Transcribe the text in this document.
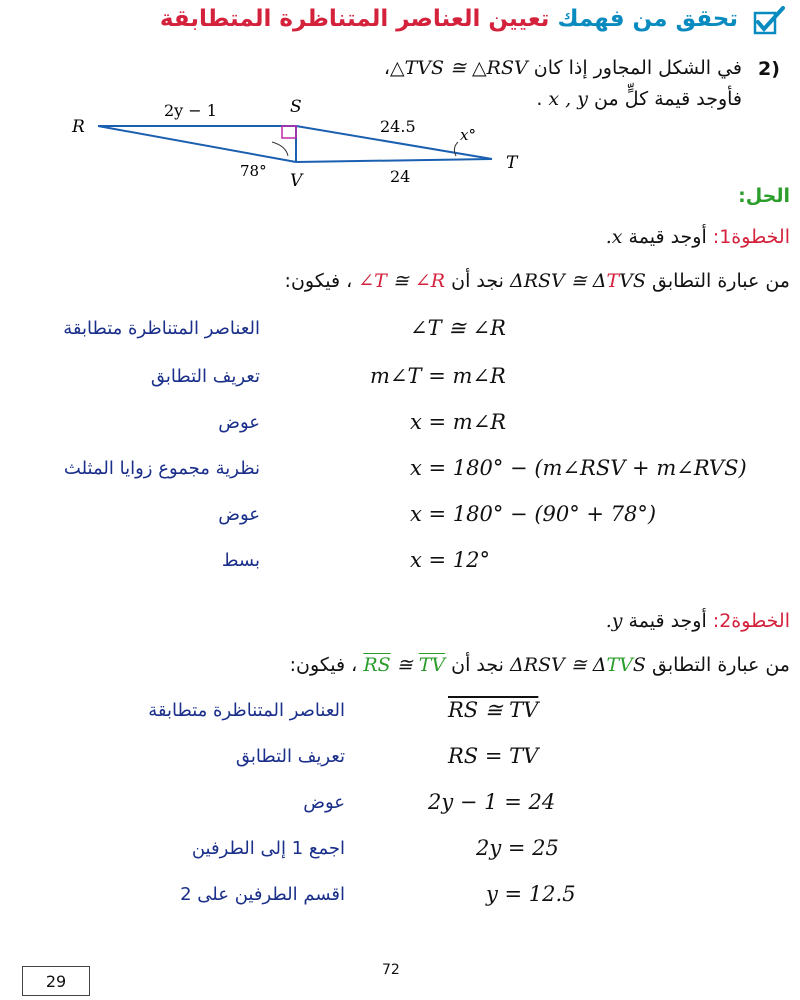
تحقق من فهمك تعيين العناصر المتناظرة المتطابقة
2)
في الشكل المجاور إذا كان △TVS ≅ △RSV،
فأوجد قيمة كلٍّ من x , y .
R
S
T
V
2y − 1
24.5
24
78°
x°
الحل:
الخطوة1: أوجد قيمة x.
من عبارة التطابق ΔRSV ≅ ΔTVS نجد أن ∠T ≅ ∠R ، فيكون:
∠T ≅ ∠R
العناصر المتناظرة متطابقة
m∠T = m∠R
تعريف التطابق
x = m∠R
عوض
x = 180° − (m∠RSV + m∠RVS)
نظرية مجموع زوايا المثلث
x = 180° − (90° + 78°)
عوض
x = 12°
بسط
الخطوة2: أوجد قيمة y.
من عبارة التطابق ΔRSV ≅ ΔTVS نجد أن $\overline{RS}$ ≅ $\overline{TV}$ ، فيكون:
RS ≅ TV
العناصر المتناظرة متطابقة
RS = TV
تعريف التطابق
2y − 1 = 24
عوض
2y = 25
اجمع 1 إلى الطرفين
y = 12.5
اقسم الطرفين على 2
72
29
